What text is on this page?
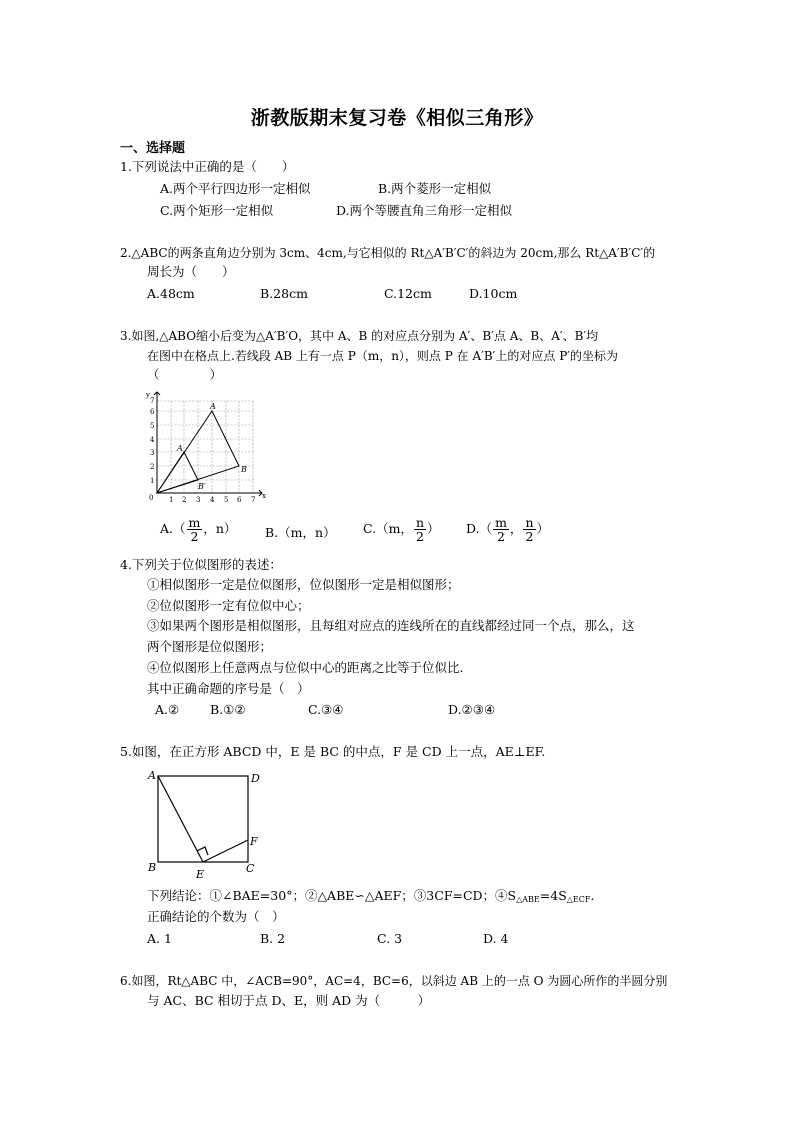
浙教版期末复习卷《相似三角形》
一、选择题
1.下列说法中正确的是（　　）
A.两个平行四边形一定相似	B.两个菱形一定相似
C.两个矩形一定相似	D.两个等腰直角三角形一定相似
2.△ABC的两条直角边分别为 3cm、4cm,与它相似的 Rt△A′B′C′的斜边为 20cm,那么 Rt△A′B′C′的
周长为（　　）
A.48cm	B.28cm	C.12cm	D.10cm
3.如图,△ABO缩小后变为△A′B′O，其中 A、B 的对应点分别为 A′、B′点 A、B、A′、B′均
在图中在格点上.若线段 AB 上有一点 P（m，n），则点 P 在 A′B′上的对应点 P′的坐标为
（　　　　）
x
y
0 1 2 3 4 5 6 7
1
2
3
4
5
6
7
A
B
A
B′
$A.( \frac{m}{2}$ ，n） B.（m，n） C.（m， $\frac{n}{2}$ ） $D.( \frac{m}{2}$ ， $\frac{n}{2}$ ）
4.下列关于位似图形的表述：
①相似图形一定是位似图形，位似图形一定是相似图形；
②位似图形一定有位似中心；
③如果两个图形是相似图形，且每组对应点的连线所在的直线都经过同一个点，那么，这
两个图形是位似图形；
④位似图形上任意两点与位似中心的距离之比等于位似比.
其中正确命题的序号是（　）
A.② B.①②	C.③④	D.②③④
5.如图，在正方形 ABCD 中，E 是 BC 的中点，F 是 CD 上一点，AE⊥EF.
A	D
B	C
E
F
下列结论：①∠BAE=30°；②△ABE∽△AEF；③3CF=CD；$④S_{\triangle ABE}=4S_{\triangle ECF}$.
正确结论的个数为（　）
A. 1	B. 2	C. 3	D. 4
6.如图，Rt△ABC 中，∠ACB=90°，AC=4，BC=6，以斜边 AB 上的一点 O 为圆心所作的半圆分别
与 AC、BC 相切于点 D、E，则 AD 为（　　　）
